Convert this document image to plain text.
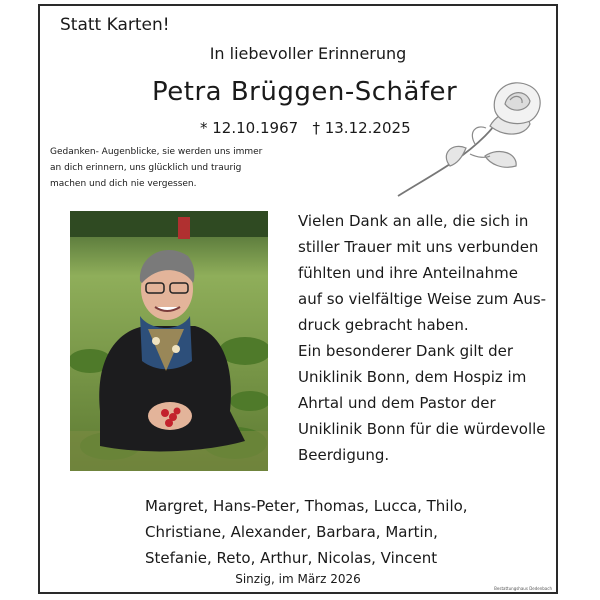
Statt Karten!
In liebevoller Erinnerung
Petra Brüggen-Schäfer
* 12.10.1967   † 13.12.2025
Gedanken- Augenblicke, sie werden uns immer
an dich erinnern, uns glücklich und traurig
machen und dich nie vergessen.
Vielen Dank an alle, die sich in
stiller Trauer mit uns verbunden
fühlten und ihre Anteilnahme
auf so vielfältige Weise zum Aus-
druck gebracht haben.
Ein besonderer Dank gilt der
Uniklinik Bonn, dem Hospiz im
Ahrtal und dem Pastor der
Uniklinik Bonn für die würdevolle
Beerdigung.
Margret, Hans-Peter, Thomas, Lucca, Thilo,
Christiane, Alexander, Barbara, Martin,
Stefanie, Reto, Arthur, Nicolas, Vincent
Sinzig, im März 2026
Bestattungshaus Dedenbach
